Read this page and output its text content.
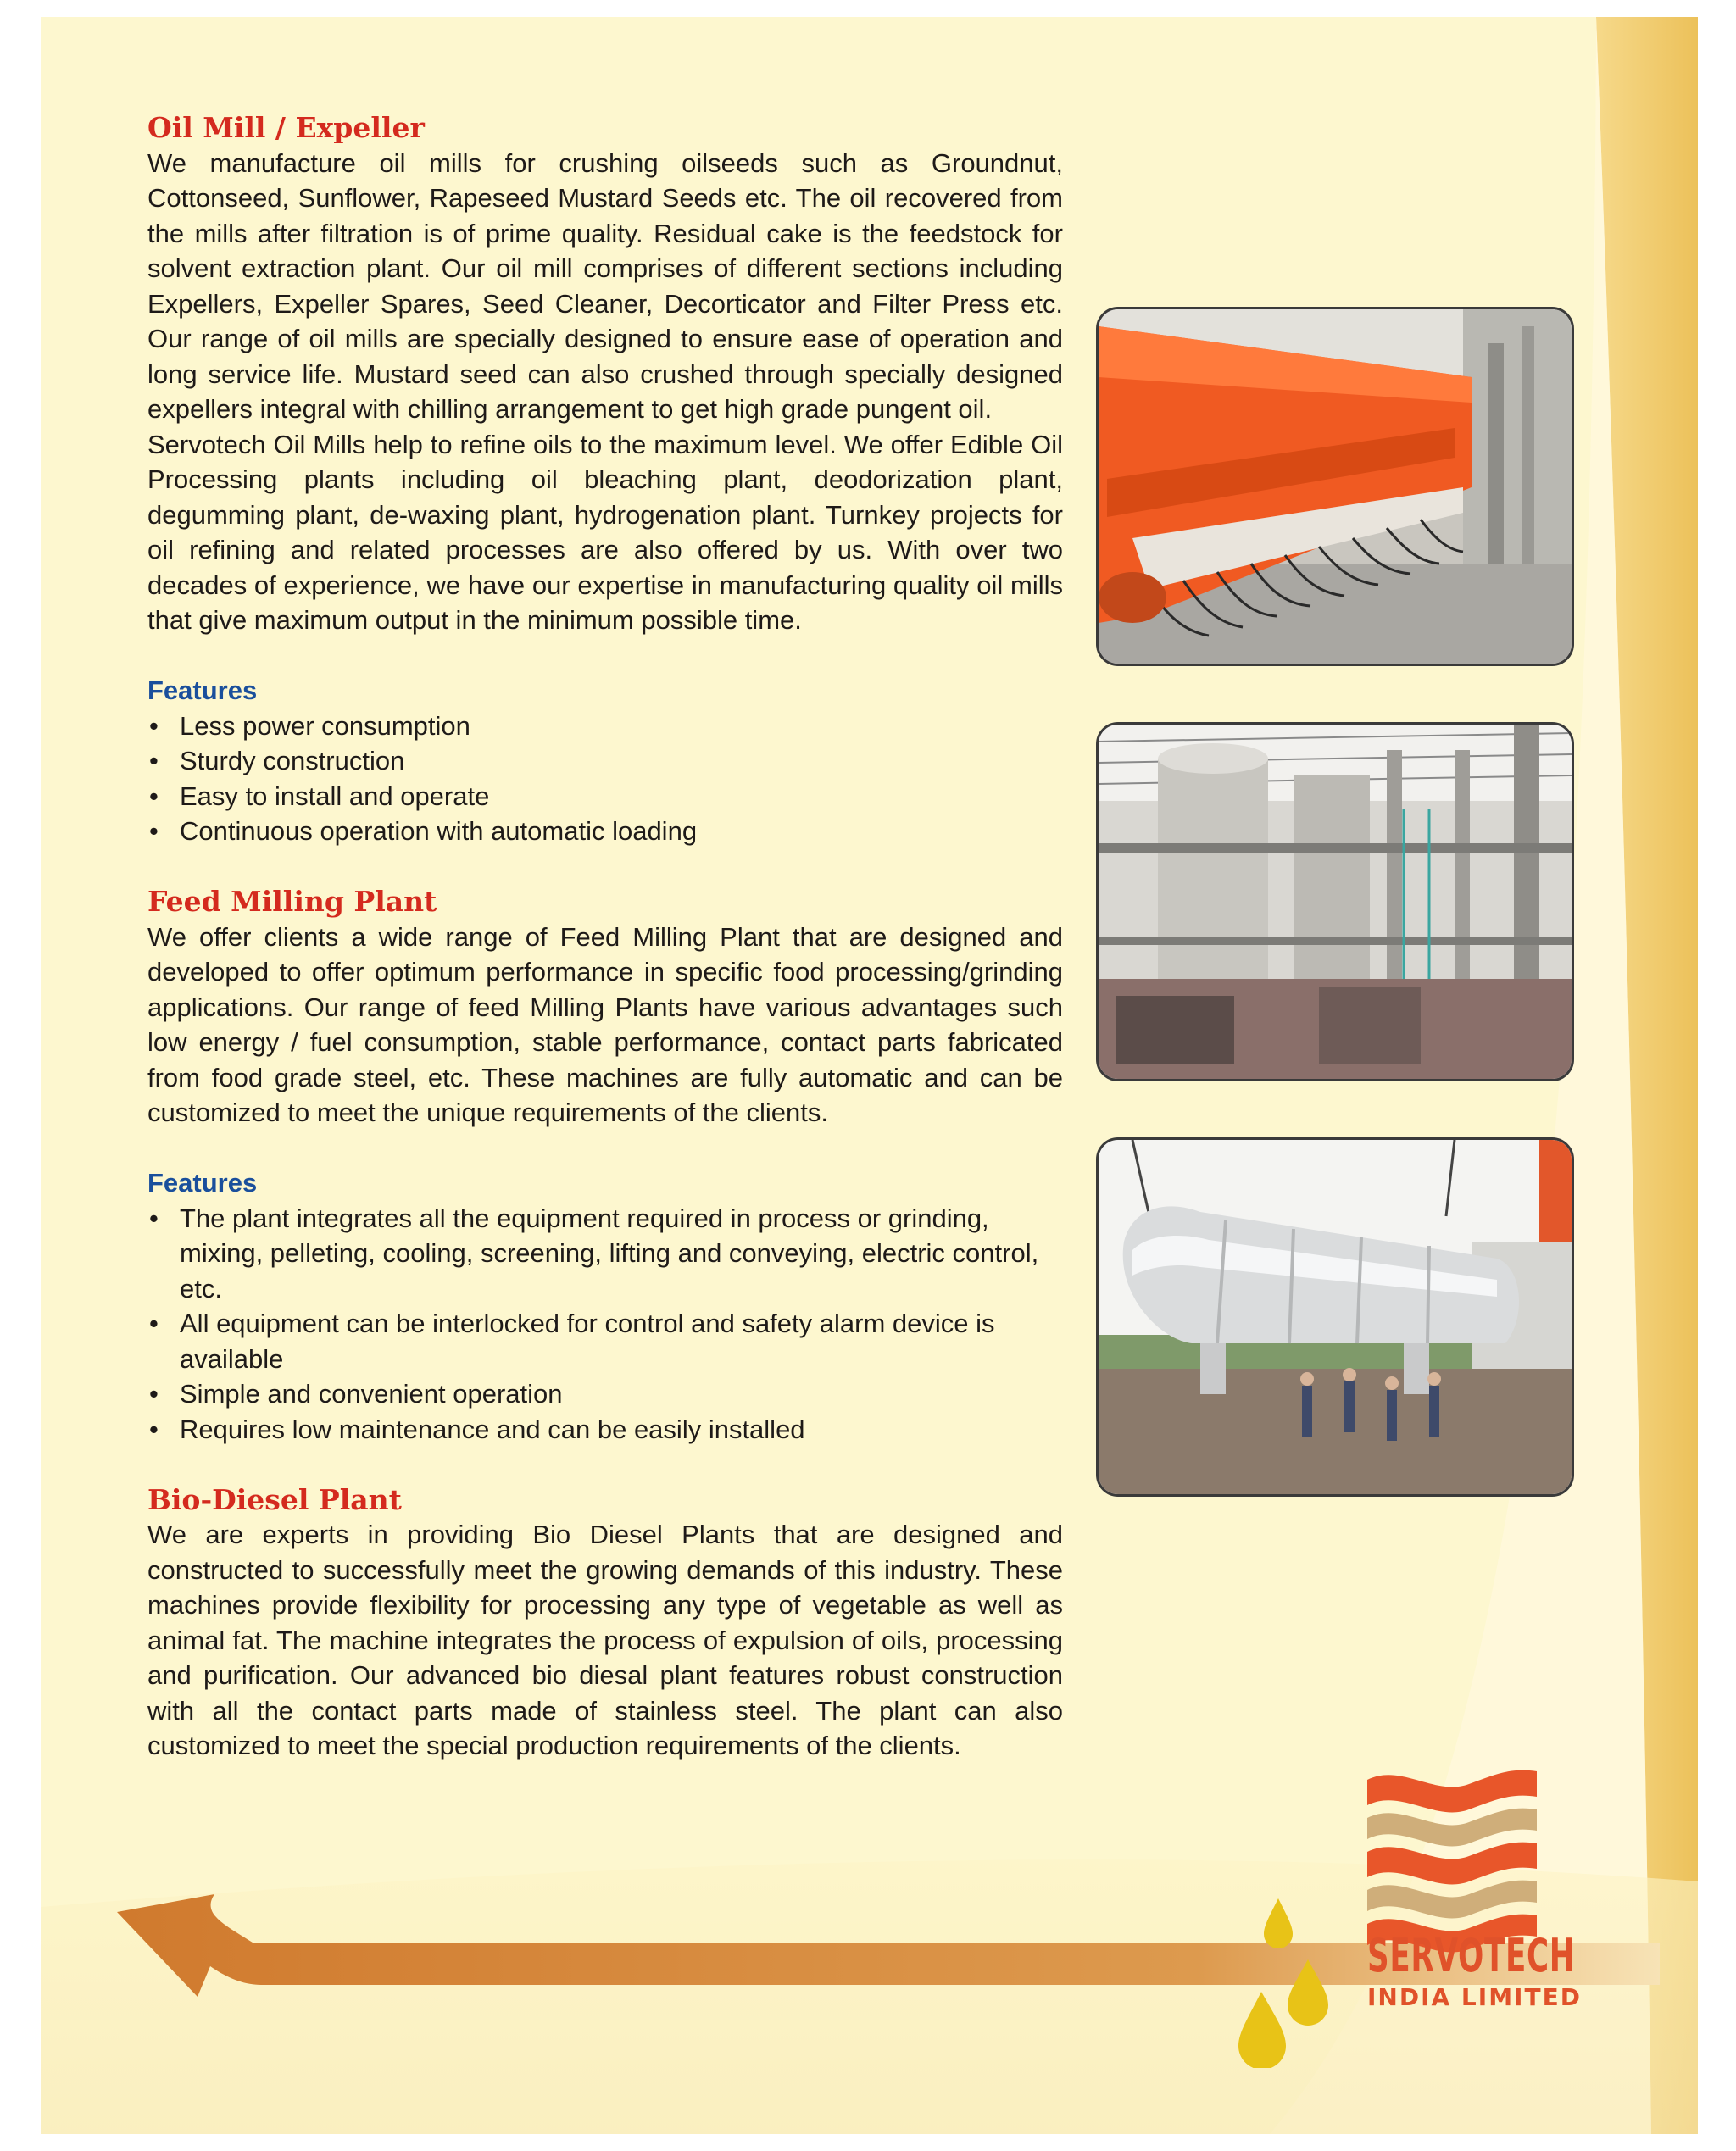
Oil Mill / Expeller

We manufacture oil mills for crushing oilseeds such as Groundnut, Cottonseed, Sunflower, Rapeseed Mustard Seeds etc. The oil recovered from the mills after filtration is of prime quality. Residual cake is the feedstock for solvent extraction plant. Our oil mill comprises of different sections including Expellers, Expeller Spares, Seed Cleaner, Decorticator and Filter Press etc. Our range of oil mills are specially designed to ensure ease of operation and long service life. Mustard seed can also crushed through specially designed expellers integral with chilling arrangement to get high grade pungent oil.

Servotech Oil Mills help to refine oils to the maximum level. We offer Edible Oil Processing plants including oil bleaching plant, deodorization plant, degumming plant, de-waxing plant, hydrogenation plant. Turnkey projects for oil refining and related processes are also offered by us. With over two decades of experience, we have our expertise in manufacturing quality oil mills that give maximum output in the minimum possible time.

Features
• Less power consumption
• Sturdy construction
• Easy to install and operate
• Continuous operation with automatic loading
Feed Milling Plant

We offer clients a wide range of Feed Milling Plant that are designed and developed to offer optimum performance in specific food processing/grinding applications. Our range of feed Milling Plants have various advantages such low energy / fuel consumption, stable performance, contact parts fabricated from food grade steel, etc. These machines are fully automatic and can be customized to meet the unique requirements of the clients.

Features
• The plant integrates all the equipment required in process or grinding, mixing, pelleting, cooling, screening, lifting and conveying, electric control, etc.
• All equipment can be interlocked for control and safety alarm device is available
• Simple and convenient operation
• Requires low maintenance and can be easily installed
Bio-Diesel Plant

We are experts in providing Bio Diesel Plants that are designed and constructed to successfully meet the growing demands of this industry. These machines provide flexibility for processing any type of vegetable as well as animal fat. The machine integrates the process of expulsion of oils, processing and purification. Our advanced bio diesal plant features robust construction with all the contact parts made of stainless steel. The plant can also customized to meet the special production requirements of the clients.

SERVOTECH
INDIA LIMITED
